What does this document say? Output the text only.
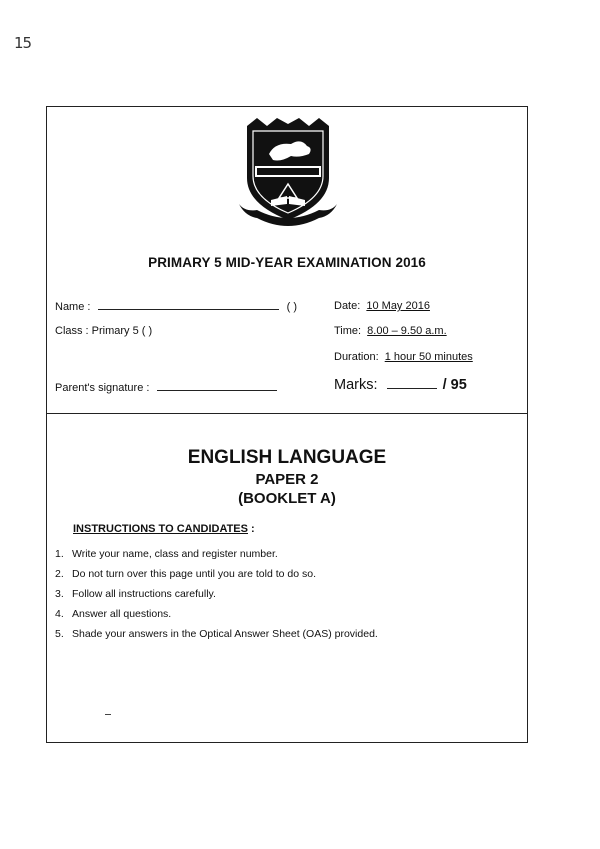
15
PRIMARY 5 MID-YEAR EXAMINATION 2016
Name :	( )
Class : Primary 5 ( )
Parent's signature :
Date: 10 May 2016
Time: 8.00 – 9.50 a.m.
Duration: 1 hour 50 minutes
Marks:	/ 95
ENGLISH LANGUAGE
PAPER 2
(BOOKLET A)
INSTRUCTIONS TO CANDIDATES :
1. Write your name, class and register number.
2. Do not turn over this page until you are told to do so.
3. Follow all instructions carefully.
4. Answer all questions.
5. Shade your answers in the Optical Answer Sheet (OAS) provided.
